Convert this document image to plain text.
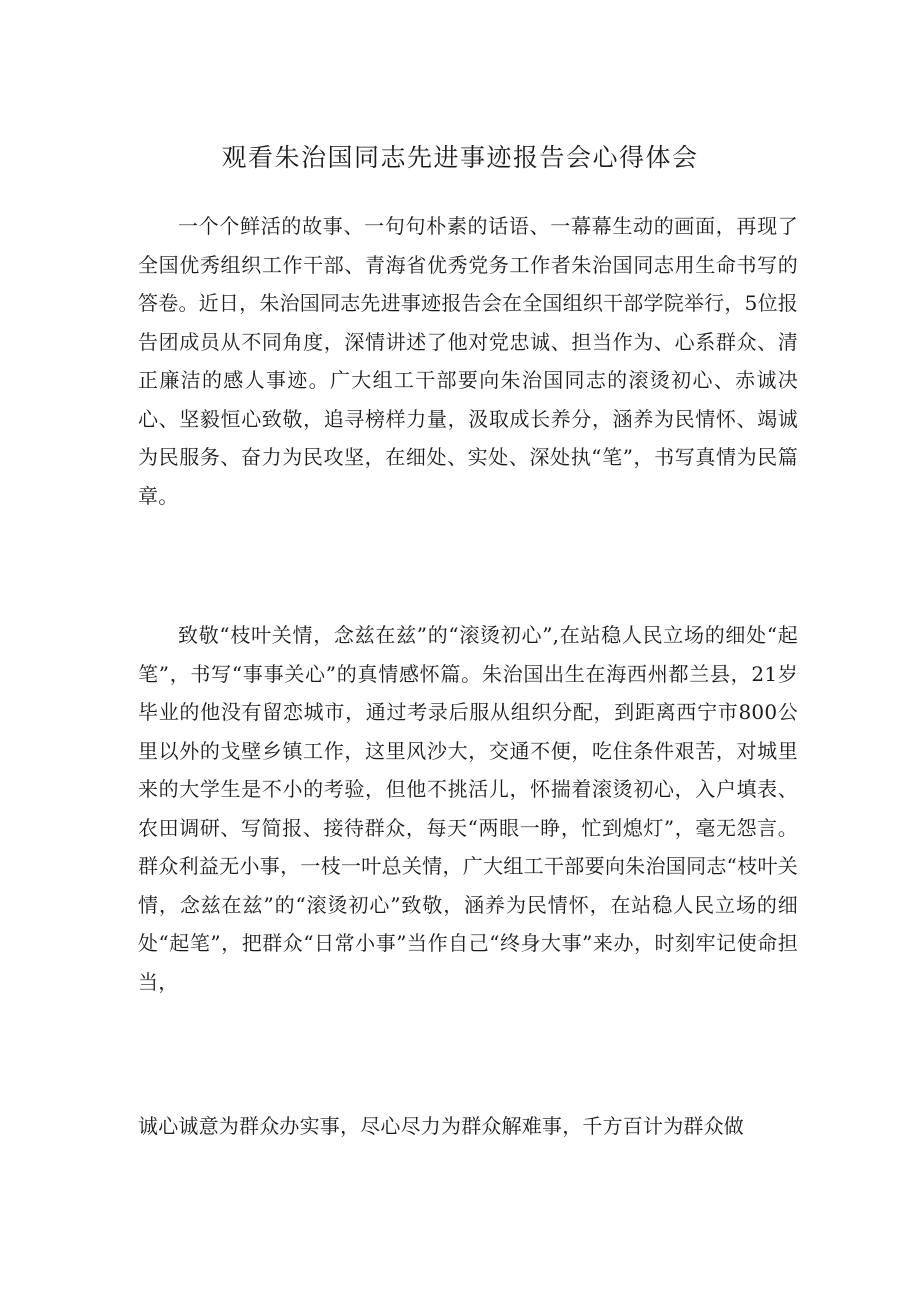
观看朱治国同志先进事迹报告会心得体会

一个个鲜活的故事、一句句朴素的话语、一幕幕生动的画面，再现了全国优秀组织工作干部、青海省优秀党务工作者朱治国同志用生命书写的答卷。近日，朱治国同志先进事迹报告会在全国组织干部学院举行，5位报告团成员从不同角度，深情讲述了他对党忠诚、担当作为、心系群众、清正廉洁的感人事迹。广大组工干部要向朱治国同志的滚烫初心、赤诚决心、坚毅恒心致敬，追寻榜样力量，汲取成长养分，涵养为民情怀、竭诚为民服务、奋力为民攻坚，在细处、实处、深处执“笔”，书写真情为民篇章。

致敬“枝叶关情，念兹在兹”的“滚烫初心”,在站稳人民立场的细处“起笔”，书写“事事关心”的真情感怀篇。朱治国出生在海西州都兰县，21岁毕业的他没有留恋城市，通过考录后服从组织分配，到距离西宁市800公里以外的戈壁乡镇工作，这里风沙大，交通不便，吃住条件艰苦，对城里来的大学生是不小的考验，但他不挑活儿，怀揣着滚烫初心，入户填表、农田调研、写简报、接待群众，每天“两眼一睁，忙到熄灯”，毫无怨言。群众利益无小事，一枝一叶总关情，广大组工干部要向朱治国同志“枝叶关情，念兹在兹”的“滚烫初心”致敬，涵养为民情怀，在站稳人民立场的细处“起笔”，把群众“日常小事”当作自己“终身大事”来办，时刻牢记使命担当，

诚心诚意为群众办实事，尽心尽力为群众解难事，千方百计为群众做
